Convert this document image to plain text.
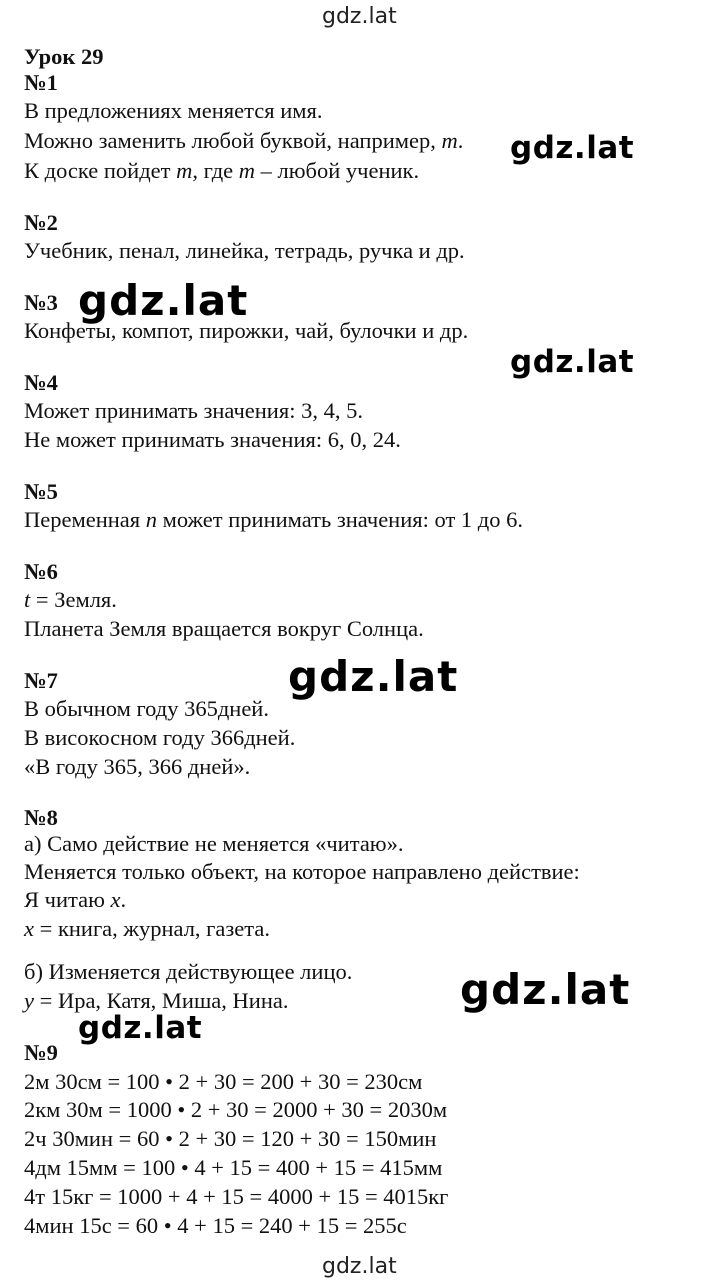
gdz.lat
gdz.lat
gdz.lat
gdz.lat
gdz.lat
gdz.lat
gdz.lat
gdz.lat
Урок 29
№1
В предложениях меняется имя.
Можно заменить любой буквой, например, m.
К доске пойдет m, где m – любой ученик.
№2
Учебник, пенал, линейка, тетрадь, ручка и др.
№3
Конфеты, компот, пирожки, чай, булочки и др.
№4
Может принимать значения: 3, 4, 5.
Не может принимать значения: 6, 0, 24.
№5
Переменная n может принимать значения: от 1 до 6.
№6
t = Земля.
Планета Земля вращается вокруг Солнца.
№7
В обычном году 365дней.
В високосном году 366дней.
«В году 365, 366 дней».
№8
а) Само действие не меняется «читаю».
Меняется только объект, на которое направлено действие:
Я читаю x.
x = книга, журнал, газета.
б) Изменяется действующее лицо.
y = Ира, Катя, Миша, Нина.
№9
2м 30см = 100 • 2 + 30 = 200 + 30 = 230см
2км 30м = 1000 • 2 + 30 = 2000 + 30 = 2030м
2ч 30мин = 60 • 2 + 30 = 120 + 30 = 150мин
4дм 15мм = 100 • 4 + 15 = 400 + 15 = 415мм
4т 15кг = 1000 + 4 + 15 = 4000 + 15 = 4015кг
4мин 15с = 60 • 4 + 15 = 240 + 15 = 255с
